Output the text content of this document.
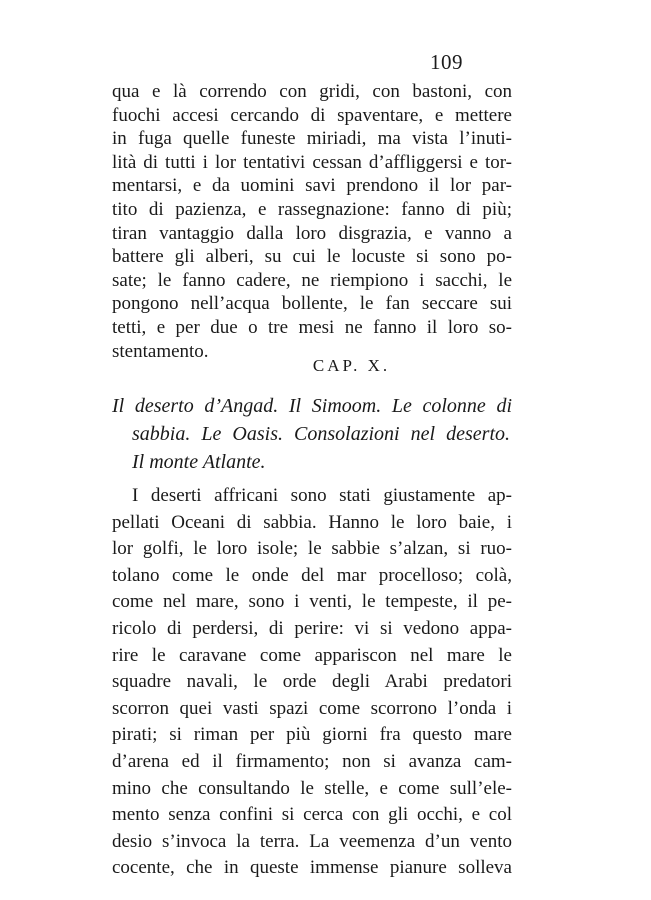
109
CAP. X.
Il deserto d’Angad. Il Simoom. Le colonne di
sabbia. Le Oasis. Consolazioni nel deserto.
Il monte Atlante.
I deserti affricani sono stati giustamente ap-
pellati Oceani di sabbia. Hanno le loro baie, i
lor golfi, le loro isole; le sabbie s’alzan, si ruo-
tolano come le onde del mar procelloso; colà,
come nel mare, sono i venti, le tempeste, il pe-
ricolo di perdersi, di perire: vi si vedono appa-
rire le caravane come appariscon nel mare le
squadre navali, le orde degli Arabi predatori
scorron quei vasti spazi come scorrono l’onda i
pirati; si riman per più giorni fra questo mare
d’arena ed il firmamento; non si avanza cam-
mino che consultando le stelle, e come sull’ele-
mento senza confini si cerca con gli occhi, e col
desio s’invoca la terra. La veemenza d’un vento
cocente, che in queste immense pianure solleva
qua e là correndo con gridi, con bastoni, con
fuochi accesi cercando di spaventare, e mettere
in fuga quelle funeste miriadi, ma vista l’inuti-
lità di tutti i lor tentativi cessan d’affliggersi e tor-
mentarsi, e da uomini savi prendono il lor par-
tito di pazienza, e rassegnazione: fanno di più;
tiran vantaggio dalla loro disgrazia, e vanno a
battere gli alberi, su cui le locuste si sono po-
sate; le fanno cadere, ne riempiono i sacchi, le
pongono nell’acqua bollente, le fan seccare sui
tetti, e per due o tre mesi ne fanno il loro so-
stentamento.
